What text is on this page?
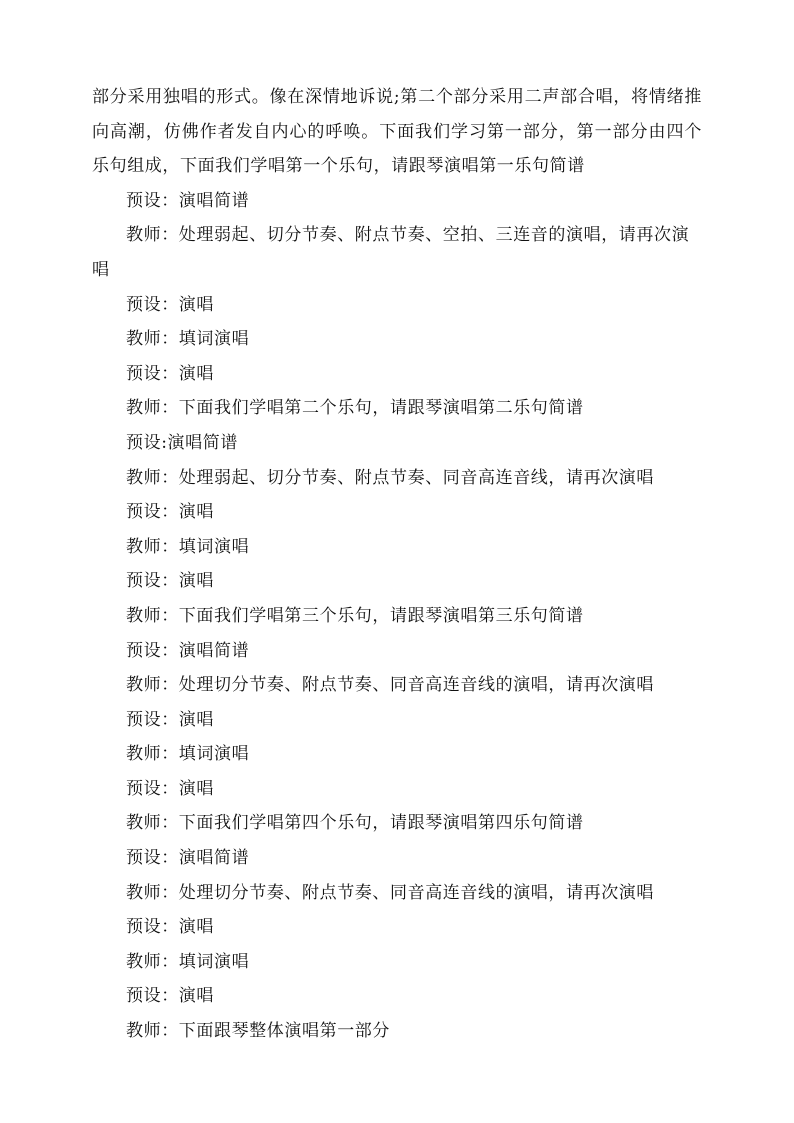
部分采用独唱的形式。像在深情地诉说;第二个部分采用二声部合唱，将情绪推向高潮，仿佛作者发自内心的呼唤。下面我们学习第一部分，第一部分由四个乐句组成，下面我们学唱第一个乐句，请跟琴演唱第一乐句简谱

预设：演唱简谱

教师：处理弱起、切分节奏、附点节奏、空拍、三连音的演唱，请再次演唱

预设：演唱

教师：填词演唱

预设：演唱

教师：下面我们学唱第二个乐句，请跟琴演唱第二乐句简谱

预设:演唱简谱

教师：处理弱起、切分节奏、附点节奏、同音高连音线，请再次演唱

预设：演唱

教师：填词演唱

预设：演唱

教师：下面我们学唱第三个乐句，请跟琴演唱第三乐句简谱

预设：演唱简谱

教师：处理切分节奏、附点节奏、同音高连音线的演唱，请再次演唱

预设：演唱

教师：填词演唱

预设：演唱

教师：下面我们学唱第四个乐句，请跟琴演唱第四乐句简谱

预设：演唱简谱

教师：处理切分节奏、附点节奏、同音高连音线的演唱，请再次演唱

预设：演唱

教师：填词演唱

预设：演唱

教师：下面跟琴整体演唱第一部分
